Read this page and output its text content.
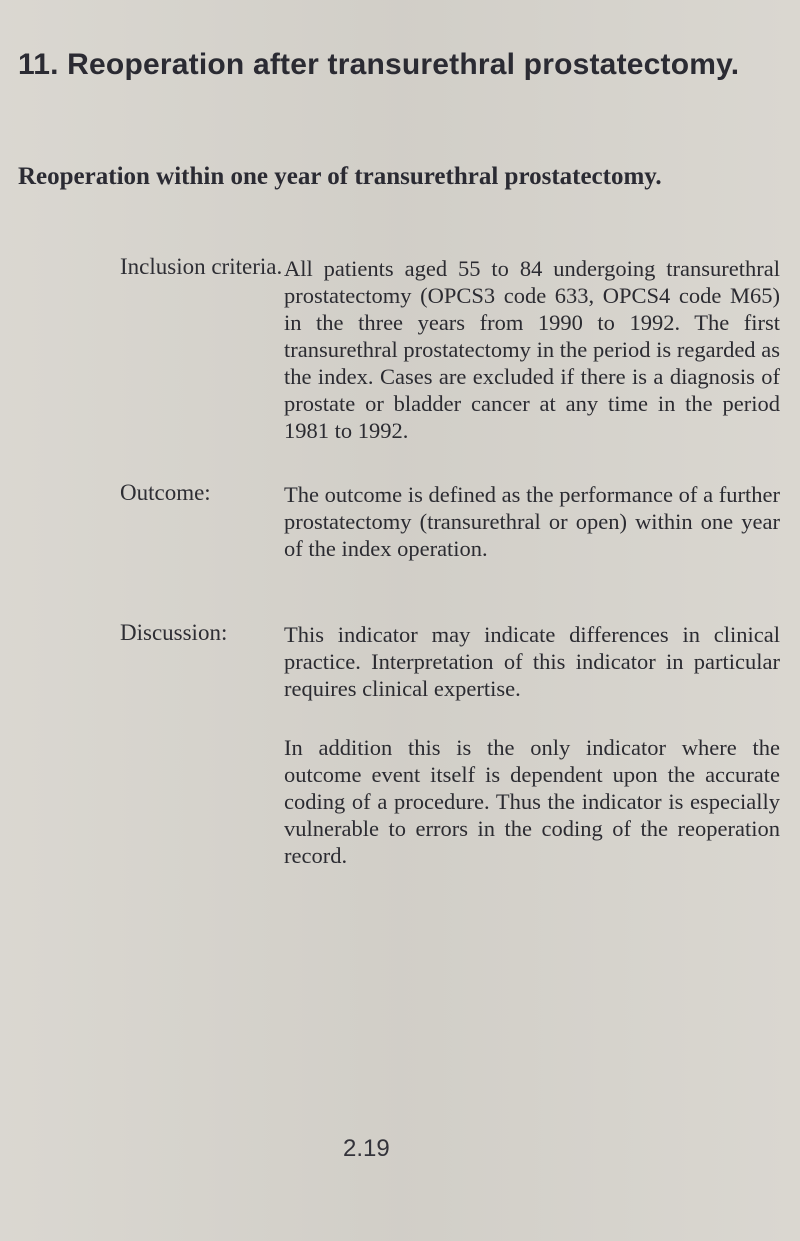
11. Reoperation after transurethral prostatectomy.
Reoperation within one year of transurethral prostatectomy.
Inclusion criteria. All patients aged 55 to 84 undergoing transurethral prostatectomy (OPCS3 code 633, OPCS4 code M65) in the three years from 1990 to 1992. The first transurethral prostatectomy in the period is regarded as the index. Cases are excluded if there is a diagnosis of prostate or bladder cancer at any time in the period 1981 to 1992.

Outcome:	The outcome is defined as the performance of a further prostatectomy (transurethral or open) within one year of the index operation.

Discussion:	This indicator may indicate differences in clinical practice. Interpretation of this indicator in particular requires clinical expertise.

In addition this is the only indicator where the outcome event itself is dependent upon the accurate coding of a procedure. Thus the indicator is especially vulnerable to errors in the coding of the reoperation record.

2.19
